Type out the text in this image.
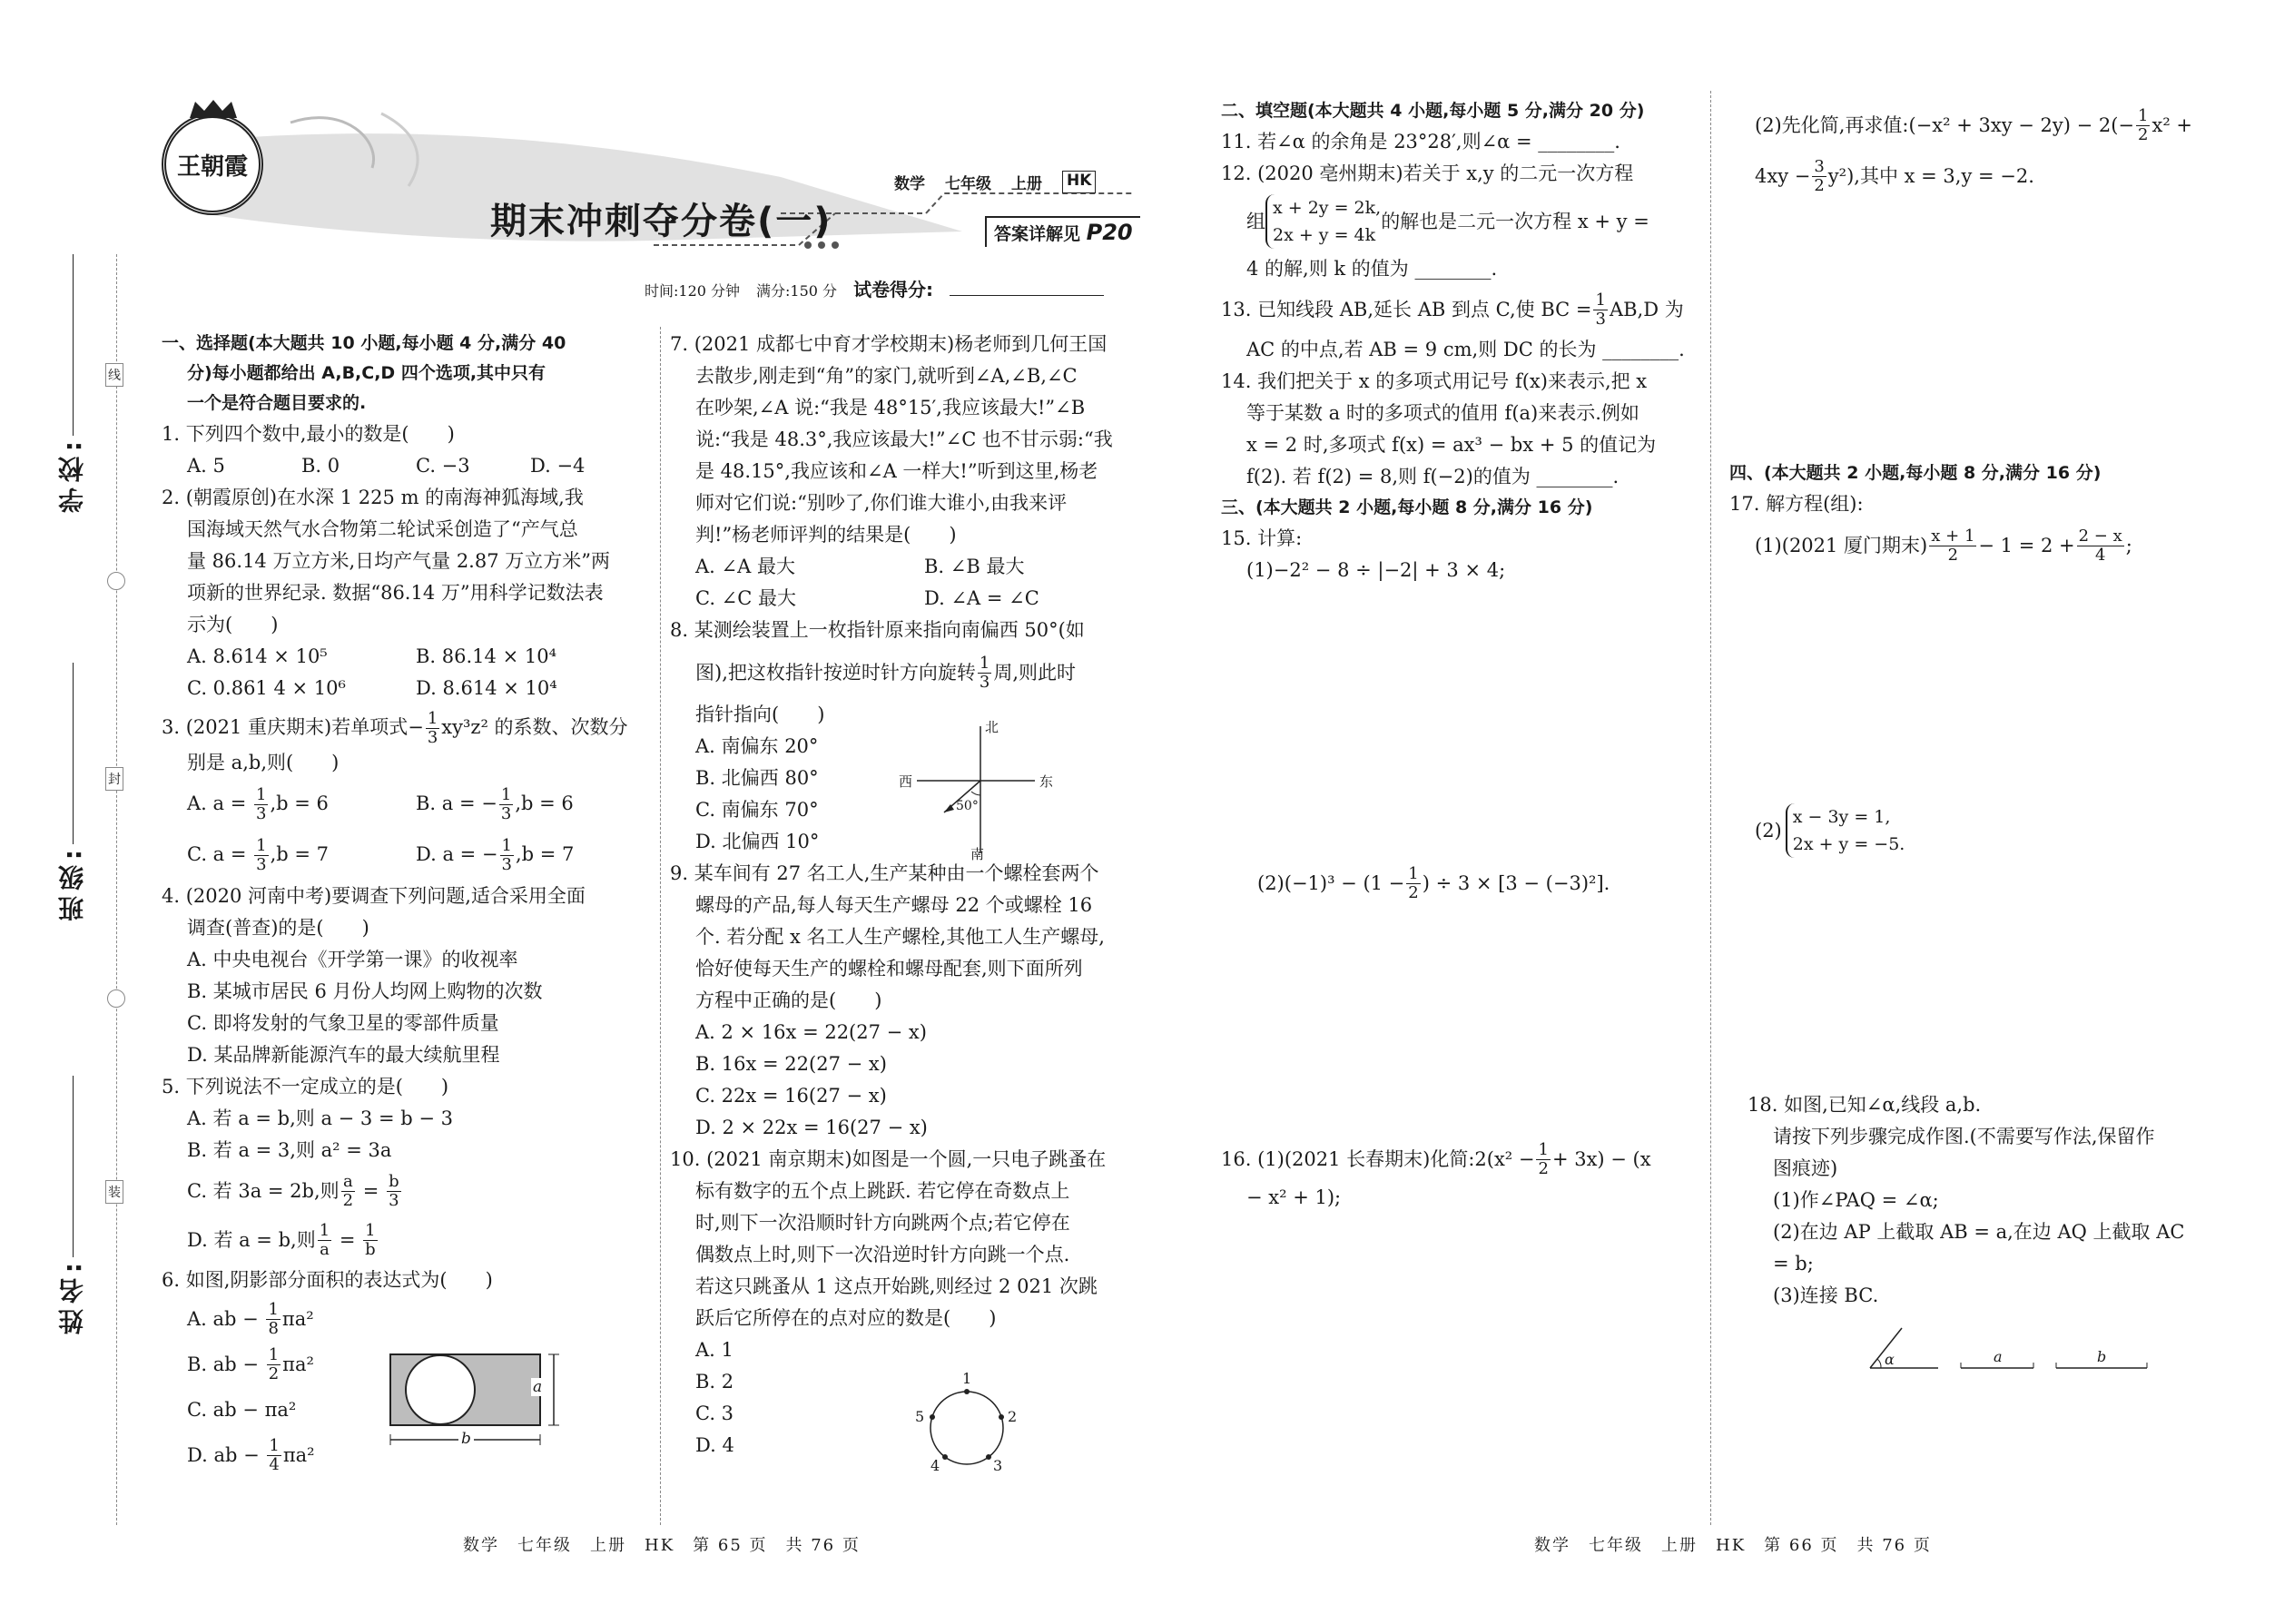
王朝霞
数学 七年级 上册 HK
期末冲刺夺分卷(一)	答案详解见 P20
时间:120 分钟 满分:150 分 试卷得分:
学校:
班级:
姓名:
线
封
装
一、选择题(本大题共 10 小题,每小题 4 分,满分 40
分)每小题都给出 A,B,C,D 四个选项,其中只有
一个是符合题目要求的.
1. 下列四个数中,最小的数是(　　)
A. 5	B. 0	C. −3	D. −4
2. (朝霞原创)在水深 1 225 m 的南海神狐海域,我
国海域天然气水合物第二轮试采创造了“产气总
量 86.14 万立方米,日均产气量 2.87 万立方米”两
项新的世界纪录. 数据“86.14 万”用科学记数法表
示为(　　)
A. 8.614 × 10⁵	B. 86.14 × 10⁴
C. 0.861 4 × 10⁶	D. 8.614 × 10⁴
3. (2021 重庆期末)若单项式− $\frac{1}{3} xy^3z^2$ 的系数、次数分
别是 a,b,则(　　)
A. $a = \frac{1}{3} ,b = 6$	B. a = − $\frac{1}{3} ,b = 6$
C. $a = \frac{1}{3} ,b = 7$	D. a = − $\frac{1}{3} ,b = 7$
4. (2020 河南中考)要调查下列问题,适合采用全面
调查(普查)的是(　　)
A. 中央电视台《开学第一课》的收视率
B. 某城市居民 6 月份人均网上购物的次数
C. 即将发射的气象卫星的零部件质量
D. 某品牌新能源汽车的最大续航里程
5. 下列说法不一定成立的是(　　)
A. 若 a = b,则 a − 3 = b − 3
B. 若 a = 3,则 a² = 3a
C. 若 3a = 2b,则 $\frac{a}{2} = \frac{b}{3}$
D. 若 a = b,则 $\frac{1}{a} = \frac{1}{b}$
6. 如图,阴影部分面积的表达式为(　　)
A. ab −
$\frac{1}{8} \pi a^2$
B. ab −
$\frac{1}{2} \pi a^2$
C. ab − πa²
D. ab −
$\frac{1}{4} \pi a^2$
a
b
7. (2021 成都七中育才学校期末)杨老师到几何王国
去散步,刚走到“角”的家门,就听到∠A,∠B,∠C
在吵架,∠A 说:“我是 48°15′,我应该最大!”∠B
说:“我是 48.3°,我应该最大!”∠C 也不甘示弱:“我
是 48.15°,我应该和∠A 一样大!”听到这里,杨老
师对它们说:“别吵了,你们谁大谁小,由我来评
判!”杨老师评判的结果是(　　)
A. ∠A 最大	B. ∠B 最大
C. ∠C 最大	D. ∠A = ∠C
8. 某测绘装置上一枚指针原来指向南偏西 50°(如
图),把这枚指针按逆时针方向旋转 $\frac{1}{3}$ 周,则此时
指针指向(　　)
A. 南偏东 20°
B. 北偏西 80°
C. 南偏东 70°
D. 北偏西 10°
9. 某车间有 27 名工人,生产某种由一个螺栓套两个
螺母的产品,每人每天生产螺母 22 个或螺栓 16
个. 若分配 x 名工人生产螺栓,其他工人生产螺母,
恰好使每天生产的螺栓和螺母配套,则下面所列
方程中正确的是(　　)
A. 2 × 16x = 22(27 − x)
B. 16x = 22(27 − x)
C. 22x = 16(27 − x)
D. 2 × 22x = 16(27 − x)
10. (2021 南京期末)如图是一个圆,一只电子跳蚤在
标有数字的五个点上跳跃. 若它停在奇数点上
时,则下一次沿顺时针方向跳两个点;若它停在
偶数点上时,则下一次沿逆时针方向跳一个点.
若这只跳蚤从 1 这点开始跳,则经过 2 021 次跳
跃后它所停在的点对应的数是(　　)
A. 1
B. 2
C. 3
D. 4
北
东
西
南
50°
1
2
3
4
5
数学　七年级　上册　HK　第 65 页　共 76 页
二、填空题(本大题共 4 小题,每小题 5 分,满分 20 分)
11. 若∠α 的余角是 23°28′,则∠α = ________.
12. (2020 亳州期末)若关于 x,y 的二元一次方程
组
x + 2y = 2k,
2x + y = 4k
的解也是二元一次方程 x + y =
4 的解,则 k 的值为 ________.
13. 已知线段 AB,延长 AB 到点 C,使 BC = $\frac{1}{3} AB,D$ 为
AC 的中点,若 AB = 9 cm,则 DC 的长为 ________.
14. 我们把关于 x 的多项式用记号 f(x)来表示,把 x
等于某数 a 时的多项式的值用 f(a)来表示.例如
x = 2 时,多项式 f(x) = ax³ − bx + 5 的值记为
f(2). 若 f(2) = 8,则 f(−2)的值为 ________.
三、(本大题共 2 小题,每小题 8 分,满分 16 分)
15. 计算:
(1)−2² − 8 ÷ |−2| + 3 × 4;
$(2)(-1)^3 - (1 - \frac{1}{2}$ ) ÷ 3 × [3 − (−3)²].
16. (1)(2021 长春期末)化简:2(x² − $\frac{1}{2} + 3x) - (x$
− x² + 1);
(2)先化简,再求值:(−x² + $3xy - 2y) - 2(- \frac{1}{2} x^2$ +
$4xy - \frac{3}{2} y^2$),其中 x = 3,y = −2.
四、(本大题共 2 小题,每小题 8 分,满分 16 分)
17. 解方程(组):
(1)(2021 厦门期末) $\frac{x + 1}{2} - 1 = 2 + \frac{2 - x}{4}$ ;
(2)
x − 3y = 1,
2x + y = −5.
18. 如图,已知∠α,线段 a,b.
请按下列步骤完成作图.(不需要写作法,保留作
图痕迹)
(1)作∠PAQ = ∠α;
(2)在边 AP 上截取 AB = a,在边 AQ 上截取 AC
= b;
(3)连接 BC.
α	a	b
数学　七年级　上册　HK　第 66 页　共 76 页
